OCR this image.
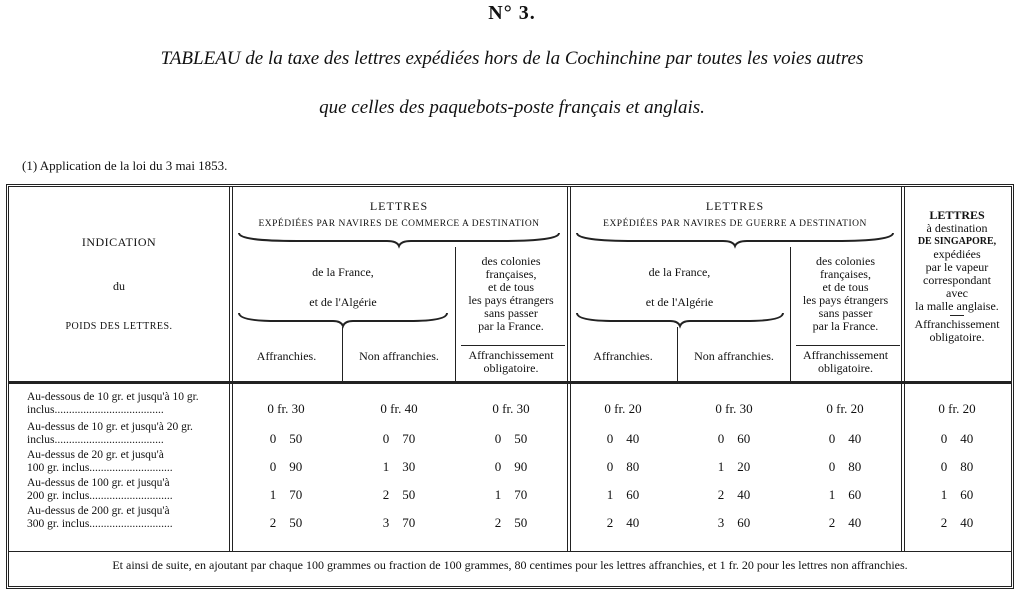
N° 3.
TABLEAU de la taxe des lettres expédiées hors de la Cochinchine par toutes les voies autres
que celles des paquebots-poste français et anglais.
(1) Application de la loi du 3 mai 1853.
INDICATION
du
POIDS DES LETTRES.
LETTRES
EXPÉDIÉES PAR NAVIRES DE COMMERCE A DESTINATION
de la France,
et de l'Algérie
des colonies
françaises,
et de tous
les pays étrangers
sans passer
par la France.
Affranchies.	Non affranchies.	Affranchissement
obligatoire.
LETTRES
EXPÉDIÉES PAR NAVIRES DE GUERRE A DESTINATION
de la France,
et de l'Algérie
des colonies
françaises,
et de tous
les pays étrangers
sans passer
par la France.
Affranchies.	Non affranchies.	Affranchissement
obligatoire.
LETTRES
à destination
DE SINGAPORE,
expédiées
par le vapeur
correspondant
avec
la malle anglaise.
Affranchissement
obligatoire.
Au-dessous de 10 gr. et jusqu'à 10 gr.
inclus......................................	0 fr. 30	0 fr. 40	0 fr. 30	0 fr. 20	0 fr. 30	0 fr. 20	0 fr. 20
Au-dessus de 10 gr. et jusqu'à 20 gr.
inclus......................................	0    50	0    70	0    50	0    40	0    60	0    40	0    40
Au-dessus de 20 gr. et jusqu'à
100 gr. inclus.............................	0    90	1    30	0    90	0    80	1    20	0    80	0    80
Au-dessus de 100 gr. et jusqu'à
200 gr. inclus.............................	1    70	2    50	1    70	1    60	2    40	1    60	1    60
Au-dessus de 200 gr. et jusqu'à
300 gr. inclus.............................	2    50	3    70	2    50	2    40	3    60	2    40	2    40
Et ainsi de suite, en ajoutant par chaque 100 grammes ou fraction de 100 grammes, 80 centimes pour les lettres affranchies, et 1 fr. 20 pour les lettres non affranchies.
